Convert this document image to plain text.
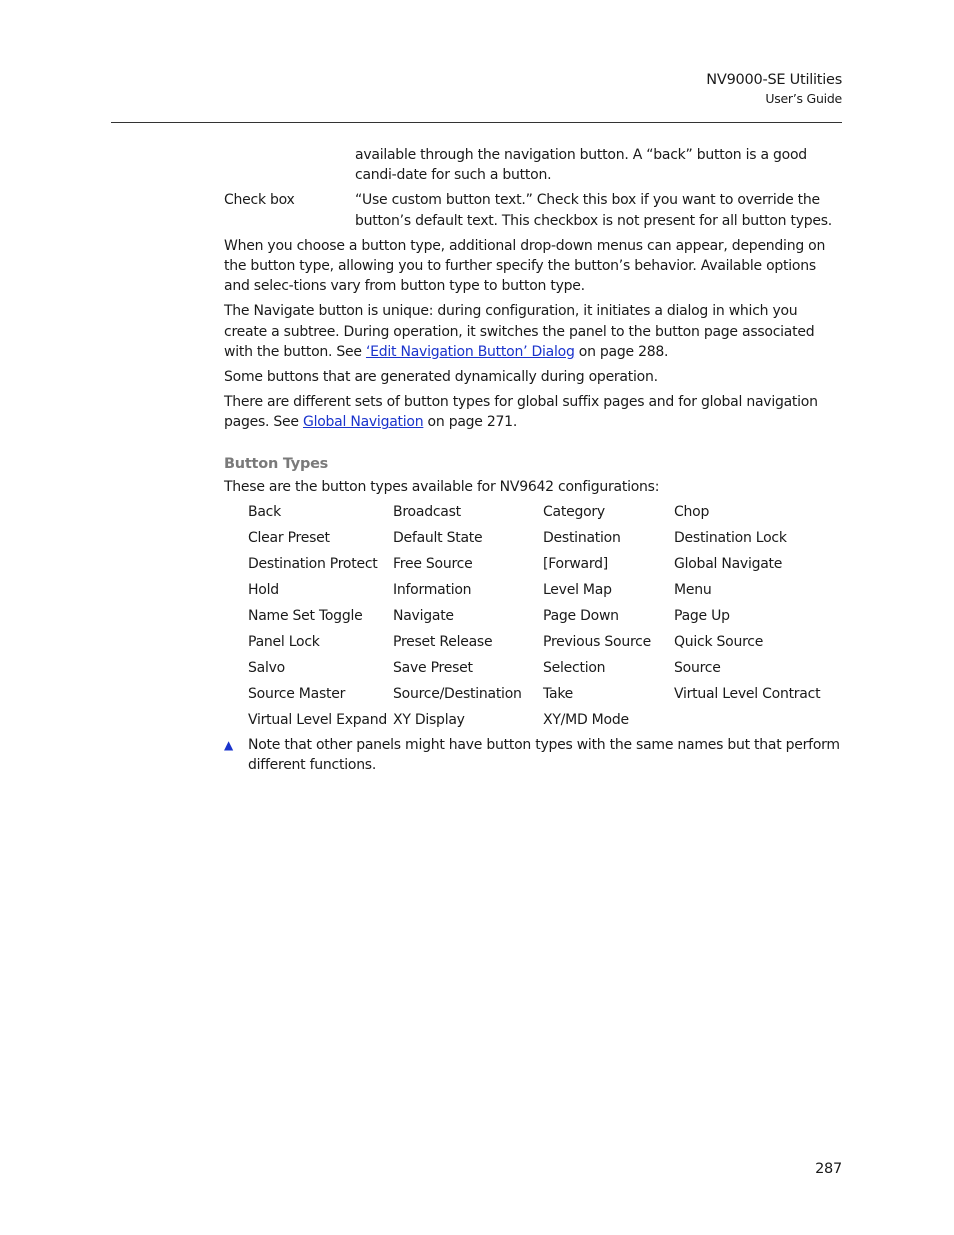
NV9000-SE Utilities
User’s Guide
available through the navigation button. A “back” button is a good candi-date for such a button.
Check box	“Use custom button text.” Check this box if you want to override the button’s default text. This checkbox is not present for all button types.

When you choose a button type, additional drop-down menus can appear, depending on the button type, allowing you to further specify the button’s behavior. Available options and selec-tions vary from button type to button type.

The Navigate button is unique: during configuration, it initiates a dialog in which you create a subtree. During operation, it switches the panel to the button page associated with the button. See ‘Edit Navigation Button’ Dialog on page 288.

Some buttons that are generated dynamically during operation.

There are different sets of button types for global suffix pages and for global navigation pages. See Global Navigation on page 271.

Button Types

These are the button types available for NV9642 configurations:

Back	Broadcast	Category	Chop
Clear Preset	Default State	Destination	Destination Lock
Destination Protect	Free Source	[Forward]	Global Navigate
Hold	Information	Level Map	Menu
Name Set Toggle	Navigate	Page Down	Page Up
Panel Lock	Preset Release	Previous Source	Quick Source
Salvo	Save Preset	Selection	Source
Source Master	Source/Destination	Take	Virtual Level Contract
Virtual Level Expand	XY Display	XY/MD Mode	
▲	Note that other panels might have button types with the same names but that perform different functions.
287
